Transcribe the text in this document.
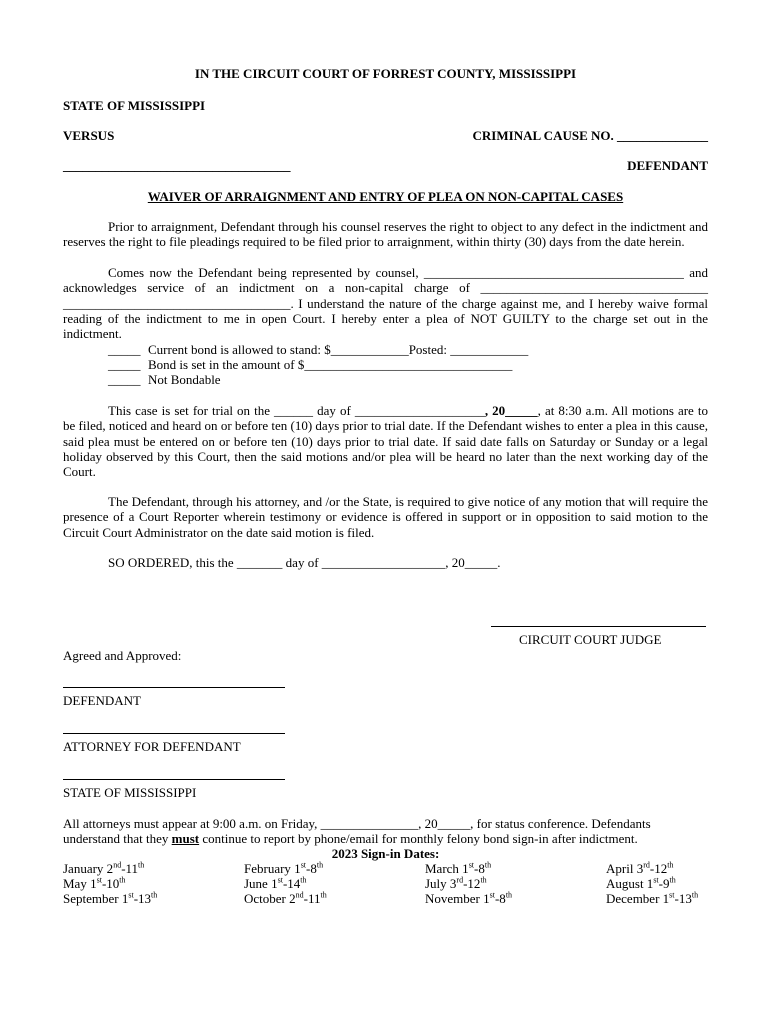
IN THE CIRCUIT COURT OF FORREST COUNTY, MISSISSIPPI
STATE OF MISSISSIPPI
VERSUS	CRIMINAL CAUSE NO. ______________
___________________________________	DEFENDANT
WAIVER OF ARRAIGNMENT AND ENTRY OF PLEA ON NON-CAPITAL CASES
Prior to arraignment, Defendant through his counsel reserves the right to object to any defect in the indictment and reserves the right to file pleadings required to be filed prior to arraignment, within thirty (30) days from the date herein.
Comes now the Defendant being represented by counsel, ________________________________________ and acknowledges service of an indictment on a non-capital charge of ___________________________________ ___________________________________. I understand the nature of the charge against me, and I hereby waive formal reading of the indictment to me in open Court. I hereby enter a plea of NOT GUILTY to the charge set out in the indictment.
_____ Current bond is allowed to stand: $____________Posted: ____________
_____ Bond is set in the amount of $________________________________
_____ Not Bondable
This case is set for trial on the ______ day of ____________________, 20_____, at 8:30 a.m. All motions are to be filed, noticed and heard on or before ten (10) days prior to trial date. If the Defendant wishes to enter a plea in this cause, said plea must be entered on or before ten (10) days prior to trial date. If said date falls on Saturday or Sunday or a legal holiday observed by this Court, then the said motions and/or plea will be heard no later than the next working day of the Court.
The Defendant, through his attorney, and /or the State, is required to give notice of any motion that will require the presence of a Court Reporter wherein testimony or evidence is offered in support or in opposition to said motion to the Circuit Court Administrator on the date said motion is filed.
SO ORDERED, this the _______ day of ___________________, 20_____.
CIRCUIT COURT JUDGE
Agreed and Approved:
DEFENDANT
ATTORNEY FOR DEFENDANT
STATE OF MISSISSIPPI
All attorneys must appear at 9:00 a.m. on Friday, _______________, 20_____, for status conference. Defendants
understand that they must continue to report by phone/email for monthly felony bond sign-in after indictment.
2023 Sign-in Dates:
January 2nd-11th	February 1st-8th	March 1st-8th	April 3rd-12th
May 1st-10th	June 1st-14th	July 3rd-12th	August 1st-9th
September 1st-13th	October 2nd-11th	November 1st-8th	December 1st-13th
